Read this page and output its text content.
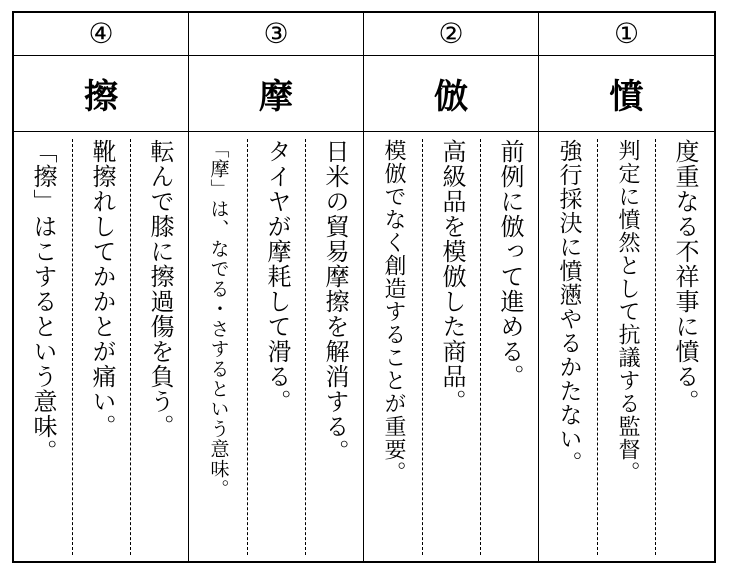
④
擦
「擦」はこするという意味。 靴擦れしてかかとが痛い。 転んで膝に擦過傷を負う。
③
摩
「摩」は、なでる・さするという意味。 タイヤが摩耗して滑る。 日米の貿易摩擦を解消する。
②
倣
模倣でなく創造することが重要。 高級品を模倣した商品。 前例に倣って進める。
①
憤
強行採決に憤懣やるかたない。 判定に憤然として抗議する監督。 度重なる不祥事に憤る。
